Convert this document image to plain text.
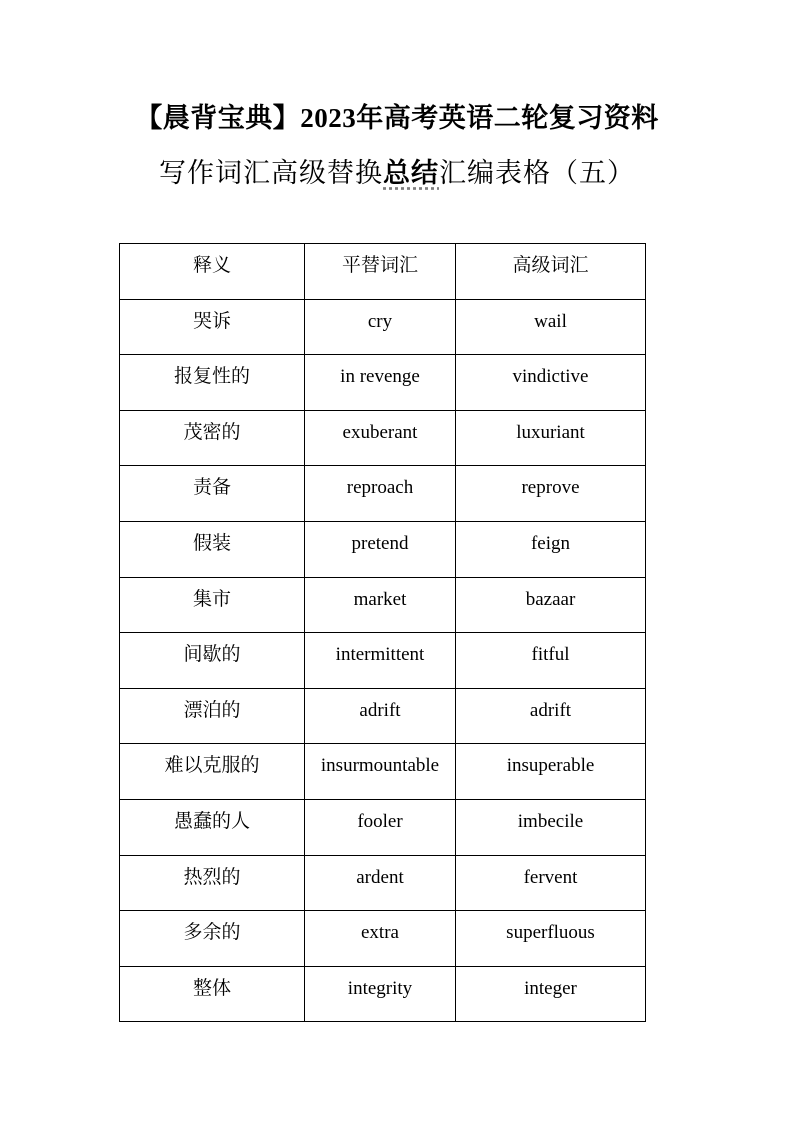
【晨背宝典】2023年高考英语二轮复习资料
写作词汇高级替换总结汇编表格（五）
释义	平替词汇	高级词汇
哭诉	cry	wail
报复性的	in revenge	vindictive
茂密的	exuberant	luxuriant
责备	reproach	reprove
假装	pretend	feign
集市	market	bazaar
间歇的	intermittent	fitful
漂泊的	adrift	adrift
难以克服的	insurmountable	insuperable
愚蠢的人	fooler	imbecile
热烈的	ardent	fervent
多余的	extra	superfluous
整体	integrity	integer
